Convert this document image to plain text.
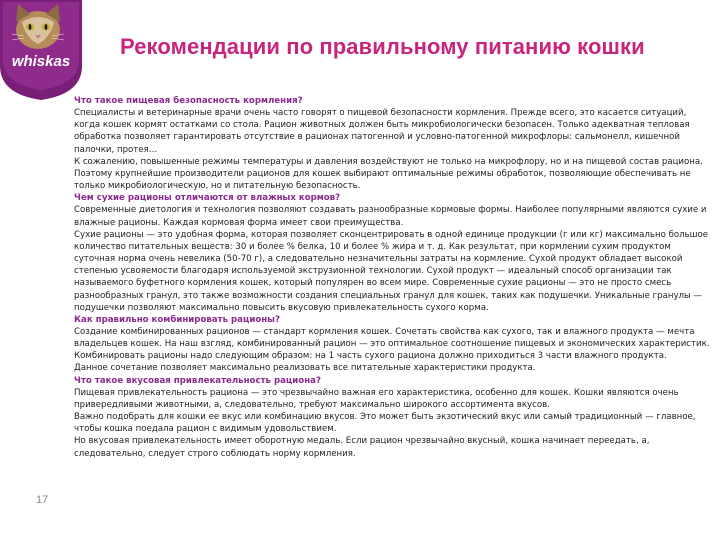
whiskas
Рекомендации по правильному питанию кошки

Что такое пищевая безопасность кормления?

Специалисты и ветеринарные врачи очень часто говорят о пищевой безопасности кормления. Прежде всего, это касается ситуаций, когда кошек кормят остатками со стола. Рацион животных должен быть микробиологически безопасен. Только адекватная тепловая обработка позволяет гарантировать отсутствие в рационах патогенной и условно-патогенной микрофлоры: сальмонелл, кишечной палочки, протея…

К сожалению, повышенные режимы температуры и давления воздействуют не только на микрофлору, но и на пищевой состав рациона. Поэтому крупнейшие производители рационов для кошек выбирают оптимальные режимы обработок, позволяющие обеспечивать не только микробиологическую, но и питательную безопасность.

Чем сухие рационы отличаются от влажных кормов?

Современные диетология и технология позволяют создавать разнообразные кормовые формы. Наиболее популярными являются сухие и влажные рационы. Каждая кормовая форма имеет свои преимущества.

Сухие рационы — это удобная форма, которая позволяет сконцентрировать в одной единице продукции (г или кг) максимально большое количество питательных веществ: 30 и более % белка, 10 и более % жира и т. д. Как результат, при кормлении сухим продуктом суточная норма очень невелика (50-70 г), а следовательно незначительны затраты на кормление. Сухой продукт обладает высокой степенью усвояемости благодаря используемой экструзионной технологии. Сухой продукт — идеальный способ организации так называемого буфетного кормления кошек, который популярен во всем мире. Современные сухие рационы — это не просто смесь разнообразных гранул, это также возможности создания специальных гранул для кошек, таких как подушечки. Уникальные гранулы — подушечки позволяют максимально повысить вкусовую привлекательность сухого корма.

Как правильно комбинировать рационы?

Создание комбинированных рационов — стандарт кормления кошек. Сочетать свойства как сухого, так и влажного продукта — мечта владельцев кошек. На наш взгляд, комбинированный рацион — это оптимальное соотношение пищевых и экономических характеристик. Комбинировать рационы надо следующим образом: на 1 часть сухого рациона должно приходиться 3 части влажного продукта.

Данное сочетание позволяет максимально реализовать все питательные характеристики продукта.

Что такое вкусовая привлекательность рациона?

Пищевая привлекательность рациона — это чрезвычайно важная его характеристика, особенно для кошек. Кошки являются очень привередливыми животными, а, следовательно, требуют максимально широкого ассортимента вкусов.

Важно подобрать для кошки ее вкус или комбинацию вкусов. Это может быть экзотический вкус или самый традиционный — главное, чтобы кошка поедала рацион с видимым удовольствием.

Но вкусовая привлекательность имеет оборотную медаль. Если рацион чрезвычайно вкусный, кошка начинает переедать, а, следовательно, следует строго соблюдать норму кормления.

17
